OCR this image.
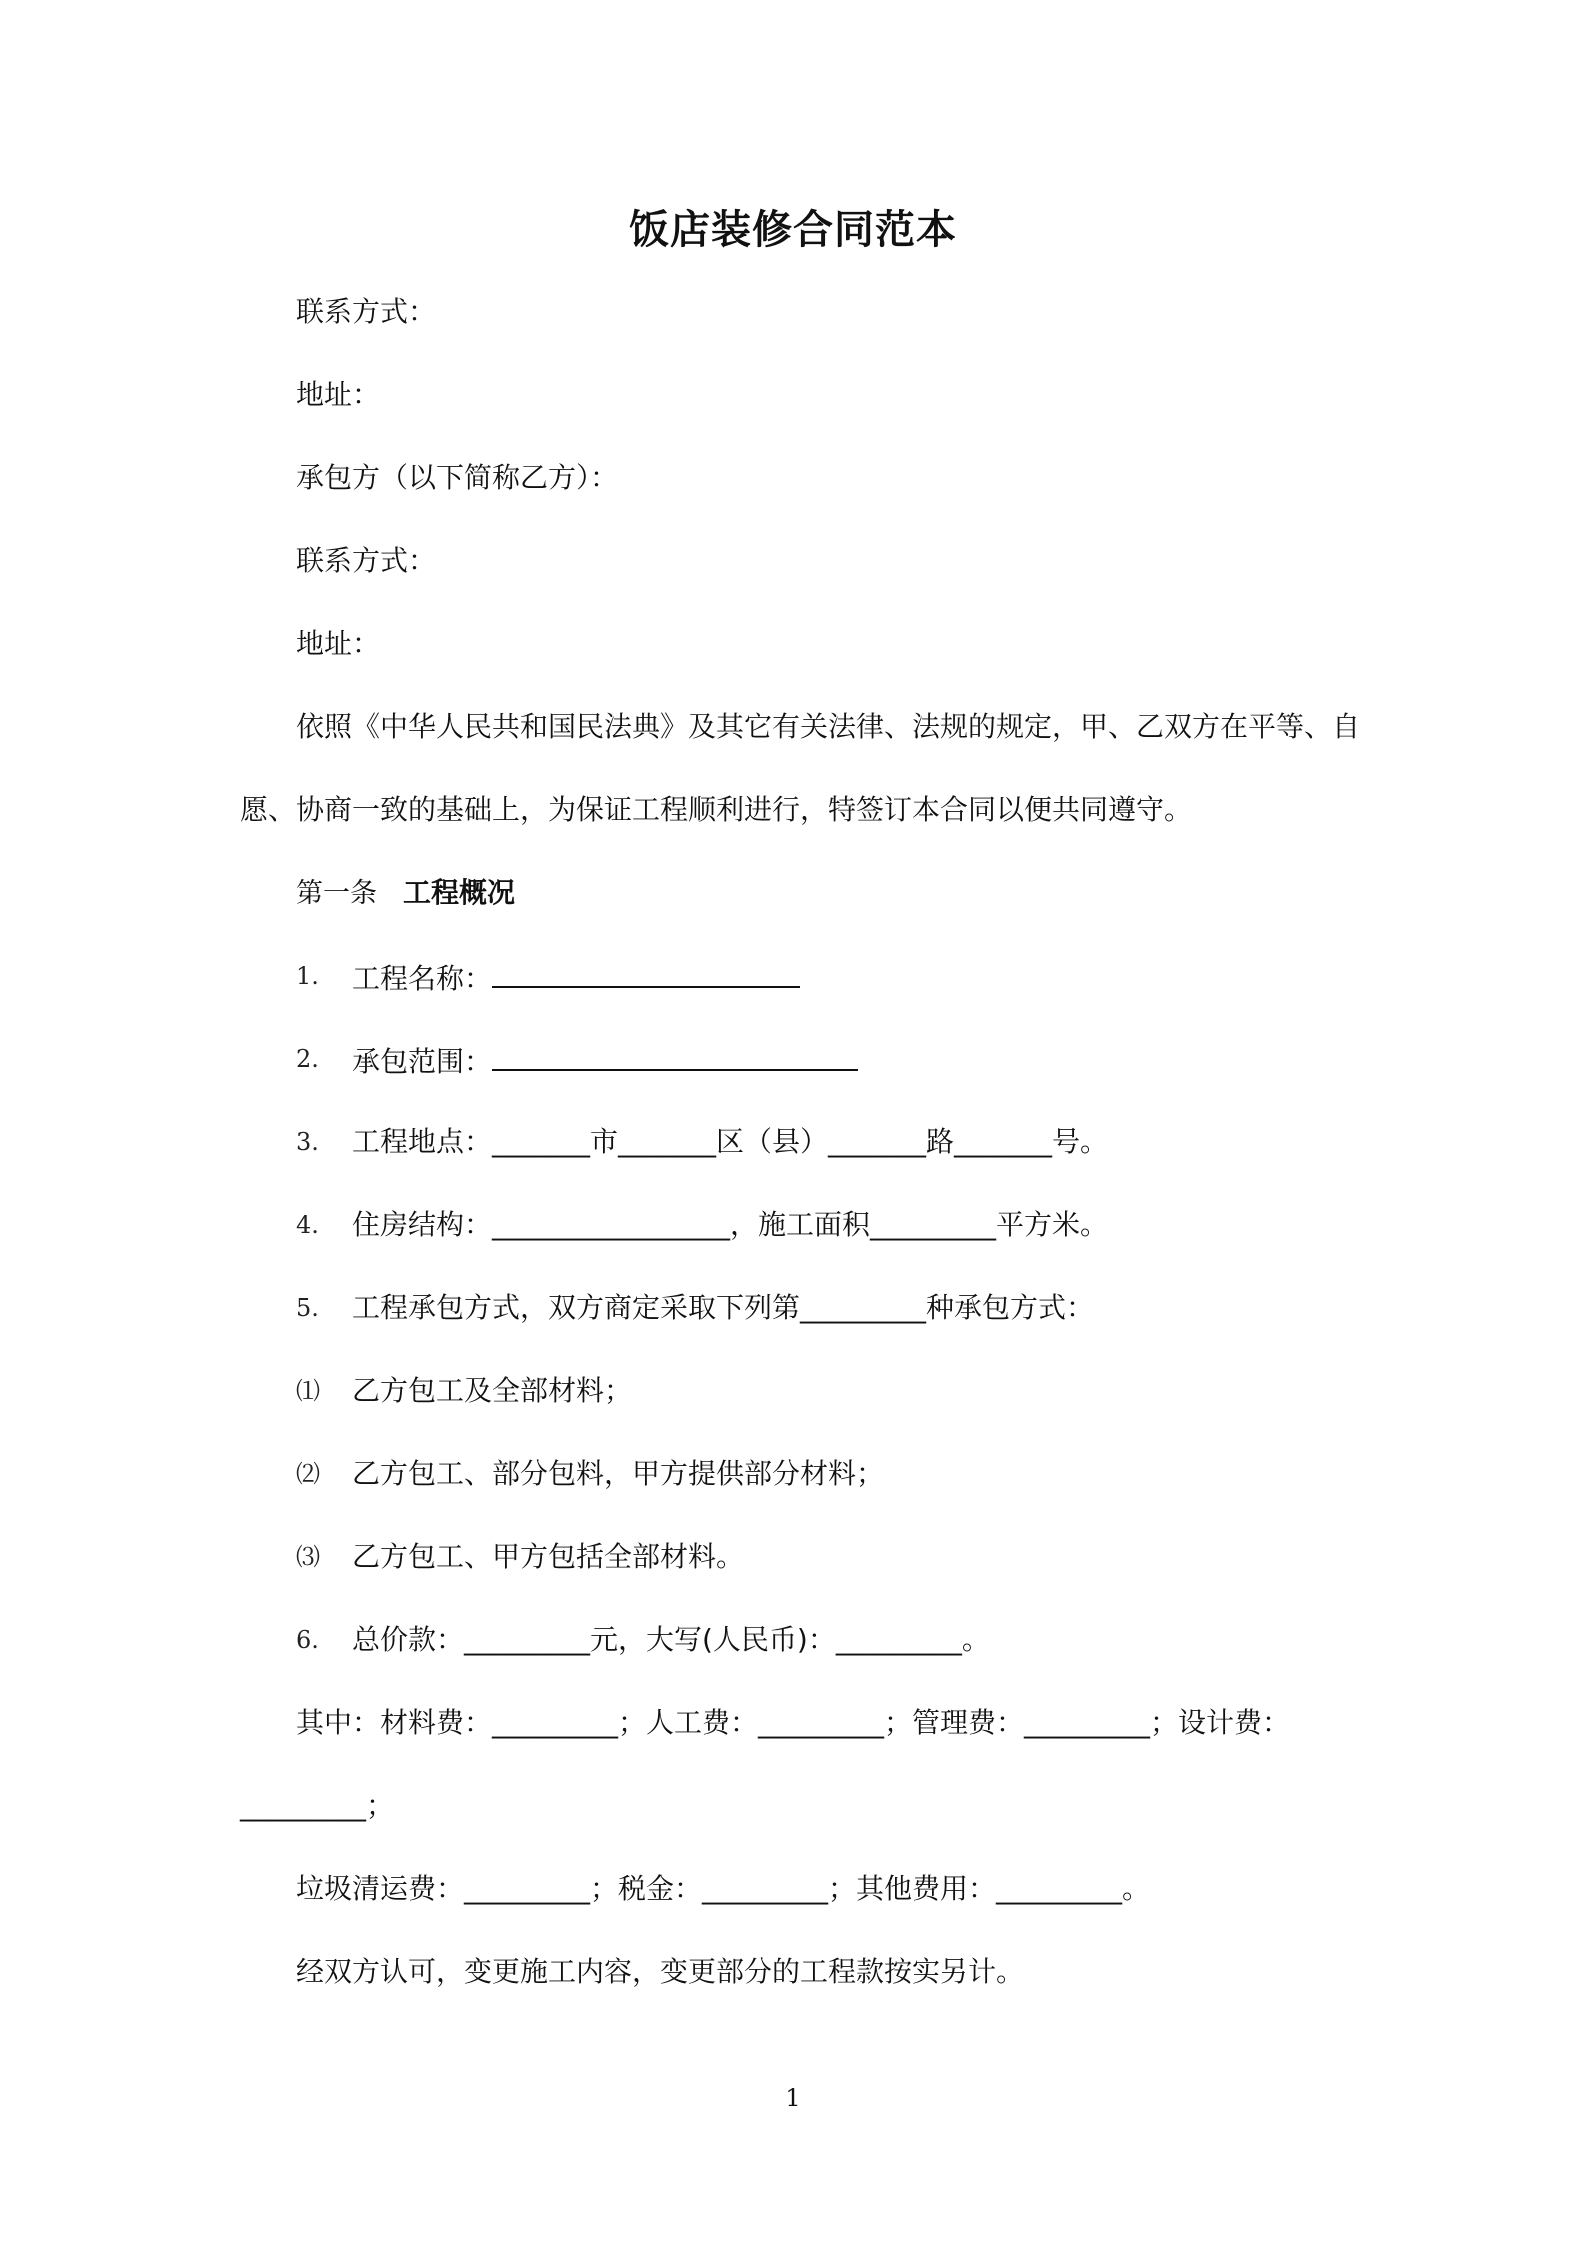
饭店装修合同范本
联系方式：
地址：
承包方（以下简称乙方）：
联系方式：
地址：
依照《中华人民共和国民法典》及其它有关法律、法规的规定，甲、乙双方在平等、自
愿、协商一致的基础上，为保证工程顺利进行，特签订本合同以便共同遵守。
第一条 工程概况
1. 工程名称：
2. 承包范围：
3. 工程地点：_______市_______区（县）_______路_______号。
4. 住房结构：_________________，施工面积_________平方米。
5. 工程承包方式，双方商定采取下列第_________种承包方式：
⑴ 乙方包工及全部材料；
⑵ 乙方包工、部分包料，甲方提供部分材料；
⑶ 乙方包工、甲方包括全部材料。
6. 总价款：_________元，大写(人民币)：_________。
其中：材料费：_________；人工费：_________；管理费：_________；设计费：
_________；
垃圾清运费：_________；税金：_________；其他费用：_________。
经双方认可，变更施工内容，变更部分的工程款按实另计。
1
